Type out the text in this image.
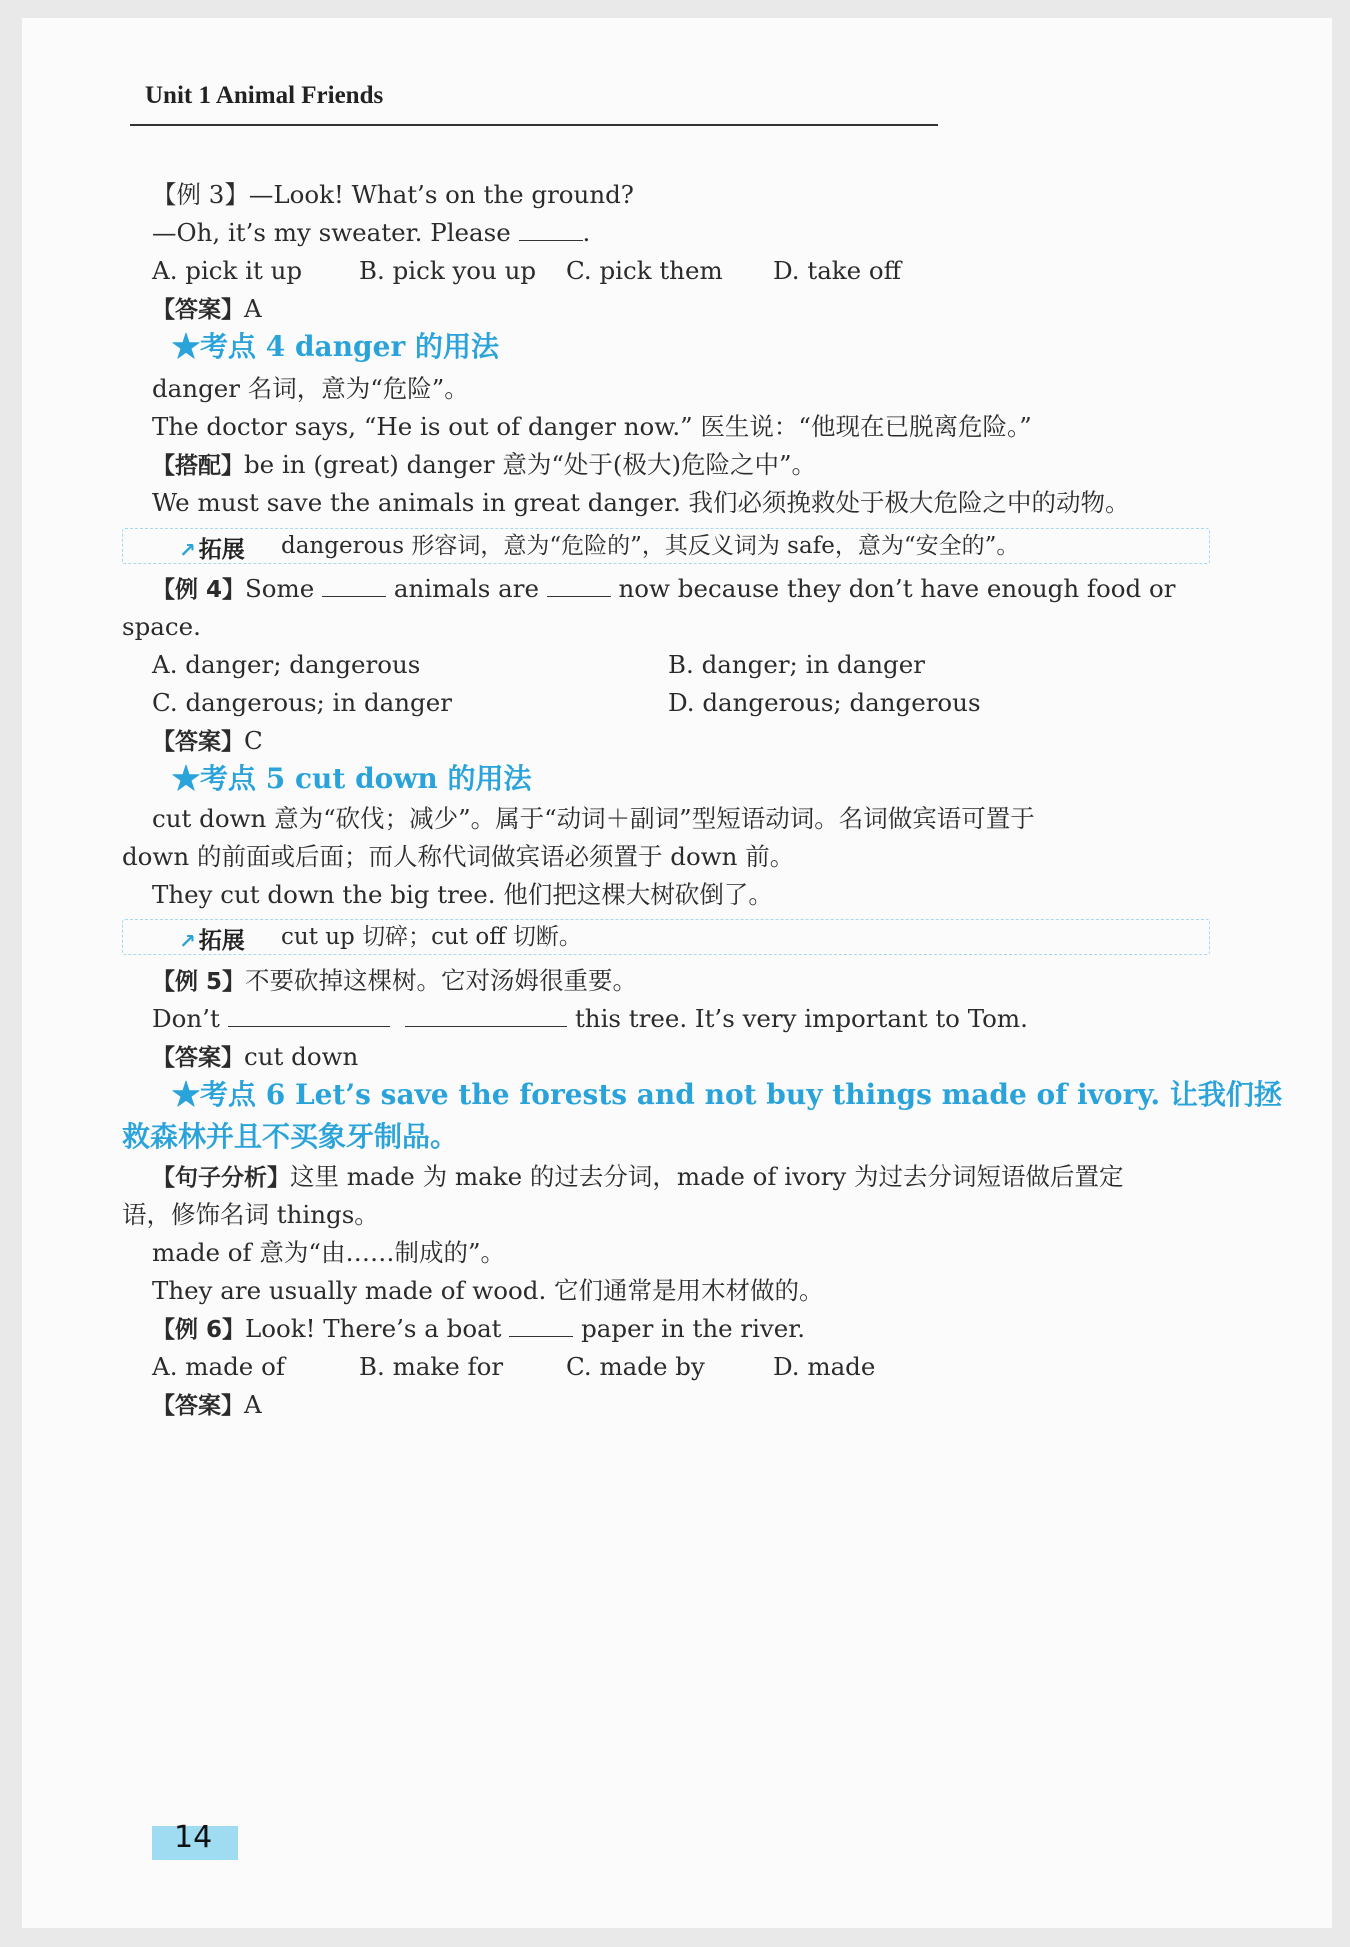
Unit 1 Animal Friends
【例 3】—Look! What’s on the ground?
—Oh, it’s my sweater. Please	.
A. pick it up B. pick you up C. pick them D. take off
【答案】A
★考点 4 danger 的用法
danger 名词，意为“危险”。
The doctor says, “He is out of danger now.” 医生说：“他现在已脱离危险。”
【搭配】be in (great) danger 意为“处于(极大)危险之中”。
We must save the animals in great danger. 我们必须挽救处于极大危险之中的动物。
↗ 拓展 dangerous 形容词，意为“危险的”，其反义词为 safe，意为“安全的”。
【例 4】Some	animals are	now because they don’t have enough food or
space.
A. danger; dangerous	B. danger; in danger
C. dangerous; in danger	D. dangerous; dangerous
【答案】C
★考点 5 cut down 的用法
cut down 意为“砍伐；减少”。属于“动词＋副词”型短语动词。名词做宾语可置于
down 的前面或后面；而人称代词做宾语必须置于 down 前。
They cut down the big tree. 他们把这棵大树砍倒了。
↗ 拓展 cut up 切碎；cut off 切断。
【例 5】不要砍掉这棵树。它对汤姆很重要。
Don’t	this tree. It’s very important to Tom.
【答案】cut down
★考点 6 Let’s save the forests and not buy things made of ivory. 让我们拯
救森林并且不买象牙制品。
【句子分析】这里 made 为 make 的过去分词，made of ivory 为过去分词短语做后置定
语，修饰名词 things。
made of 意为“由……制成的”。
They are usually made of wood. 它们通常是用木材做的。
【例 6】Look! There’s a boat	paper in the river.
A. made of	B. make for	C. made by	D. made
【答案】A
14
